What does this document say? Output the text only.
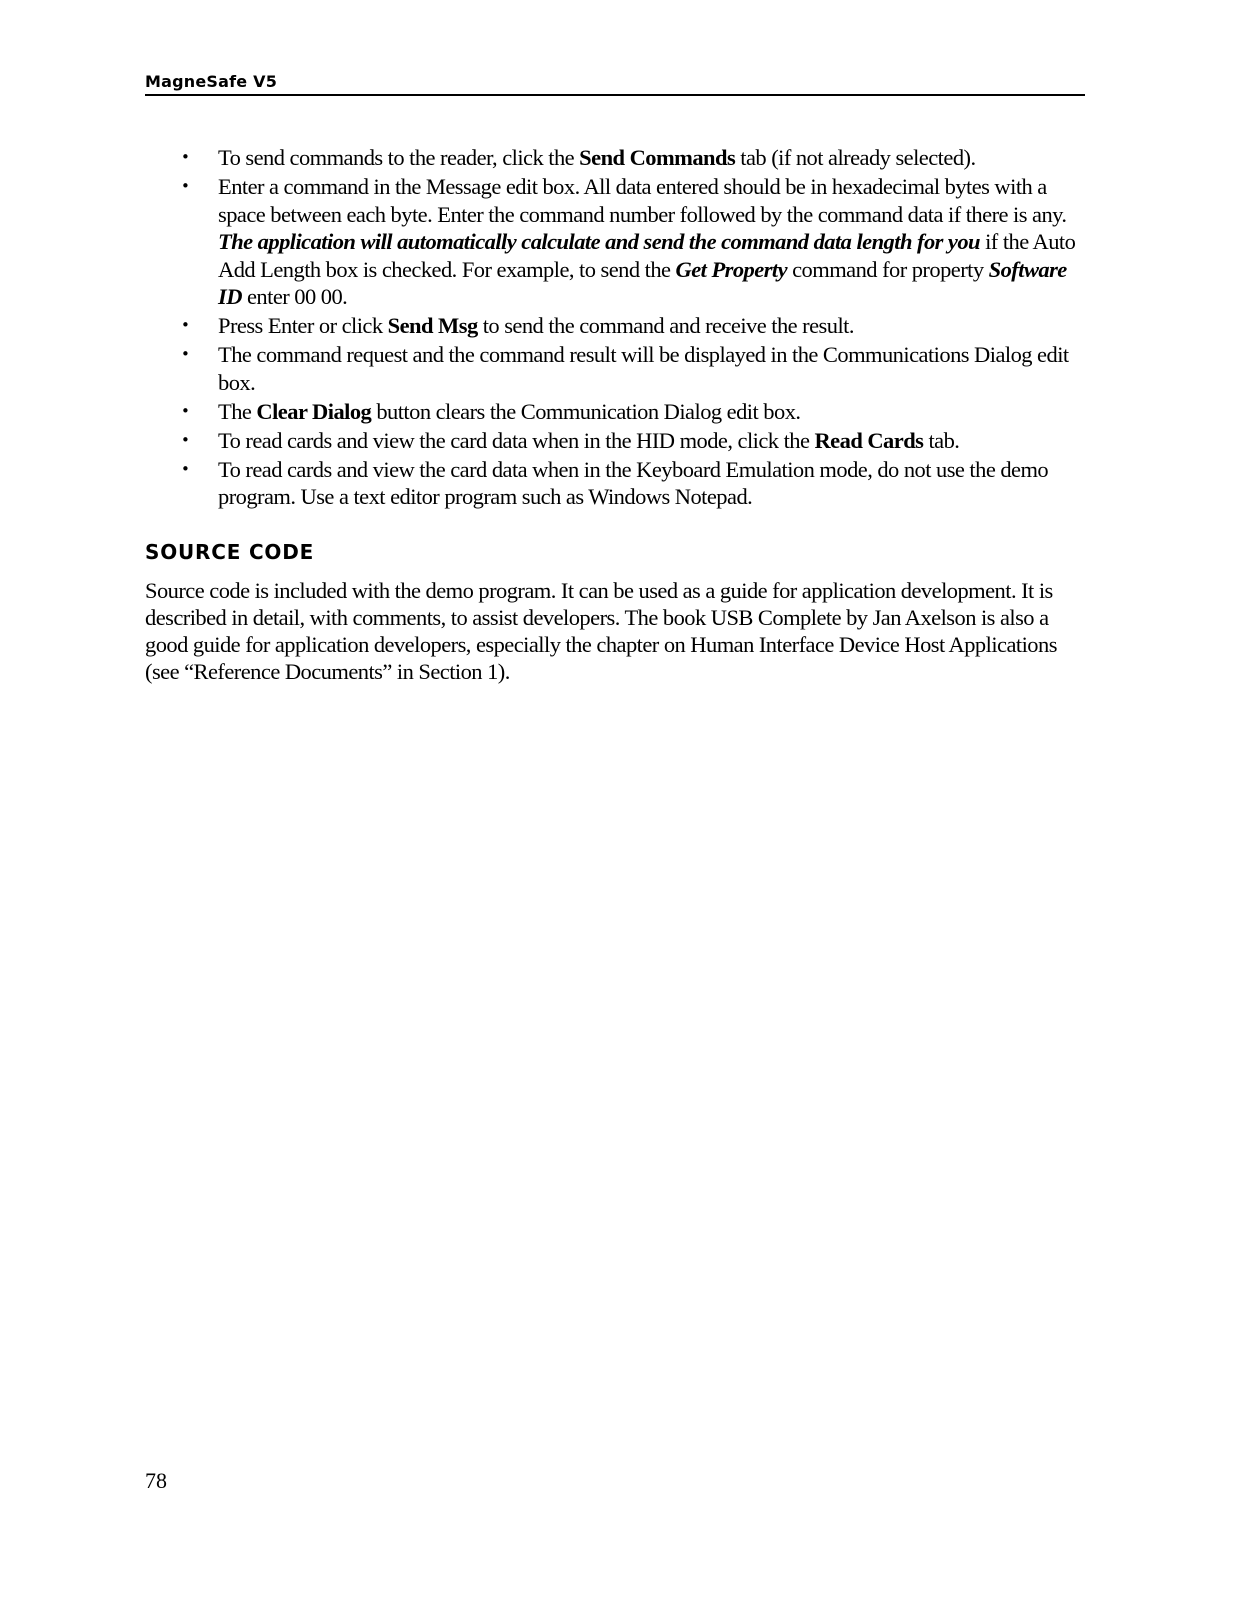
MagneSafe V5
• To send commands to the reader, click the Send Commands tab (if not already selected).
• Enter a command in the Message edit box. All data entered should be in hexadecimal bytes with a space between each byte. Enter the command number followed by the command data if there is any. The application will automatically calculate and send the command data length for you if the Auto Add Length box is checked. For example, to send the Get Property command for property Software ID enter 00 00.
• Press Enter or click Send Msg to send the command and receive the result.
• The command request and the command result will be displayed in the Communications Dialog edit box.
• The Clear Dialog button clears the Communication Dialog edit box.
• To read cards and view the card data when in the HID mode, click the Read Cards tab.
• To read cards and view the card data when in the Keyboard Emulation mode, do not use the demo program. Use a text editor program such as Windows Notepad.
SOURCE CODE

Source code is included with the demo program. It can be used as a guide for application development. It is described in detail, with comments, to assist developers. The book USB Complete by Jan Axelson is also a good guide for application developers, especially the chapter on Human Interface Device Host Applications (see “Reference Documents” in Section 1).

78
